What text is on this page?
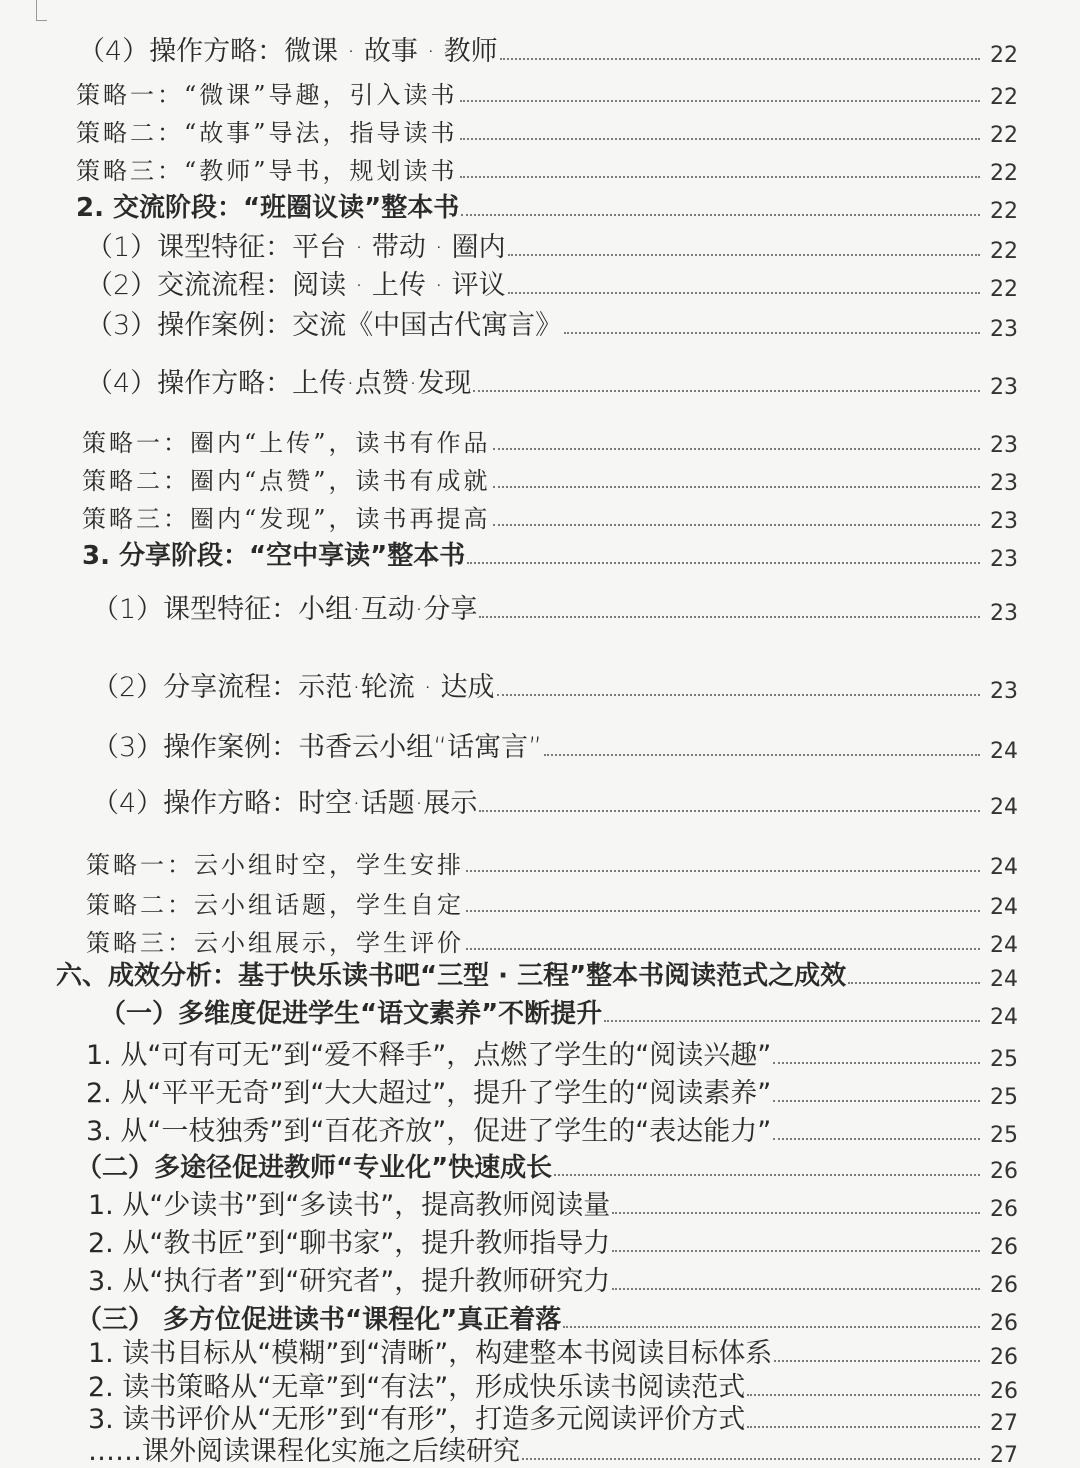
（4）操作方略：微课 · 故事 · 教师	22
策略一：“微课”导趣，引入读书	22
策略二：“故事”导法，指导读书	22
策略三：“教师”导书，规划读书	22
2. 交流阶段：“班圈议读”整本书	22
（1）课型特征：平台 · 带动 · 圈内	22
（2）交流流程：阅读 · 上传 · 评议	22
（3）操作案例：交流《中国古代寓言》	23
（4）操作方略：上传·点赞·发现	23
策略一：圈内“上传”，读书有作品	23
策略二：圈内“点赞”，读书有成就	23
策略三：圈内“发现”，读书再提高	23
3. 分享阶段：“空中享读”整本书	23
（1）课型特征：小组·互动·分享	23
（2）分享流程：示范·轮流 · 达成	23
（3）操作案例：书香云小组“话寓言”	24
（4）操作方略：时空·话题·展示	24
策略一：云小组时空，学生安排	24
策略二：云小组话题，学生自定	24
策略三：云小组展示，学生评价	24
六、成效分析：基于快乐读书吧“三型 · 三程”整本书阅读范式之成效	24
（一）多维度促进学生“语文素养”不断提升	24
1. 从“可有可无”到“爱不释手”，点燃了学生的“阅读兴趣”	25
2. 从“平平无奇”到“大大超过”，提升了学生的“阅读素养”	25
3. 从“一枝独秀”到“百花齐放”，促进了学生的“表达能力”	25
（二）多途径促进教师“专业化”快速成长	26
1. 从“少读书”到“多读书”，提高教师阅读量	26
2. 从“教书匠”到“聊书家”，提升教师指导力	26
3. 从“执行者”到“研究者”，提升教师研究力	26
（三） 多方位促进读书“课程化”真正着落	26
1. 读书目标从“模糊”到“清晰”，构建整本书阅读目标体系	26
2. 读书策略从“无章”到“有法”，形成快乐读书阅读范式	26
3. 读书评价从“无形”到“有形”，打造多元阅读评价方式	27
……课外阅读课程化实施之后续研究	27
